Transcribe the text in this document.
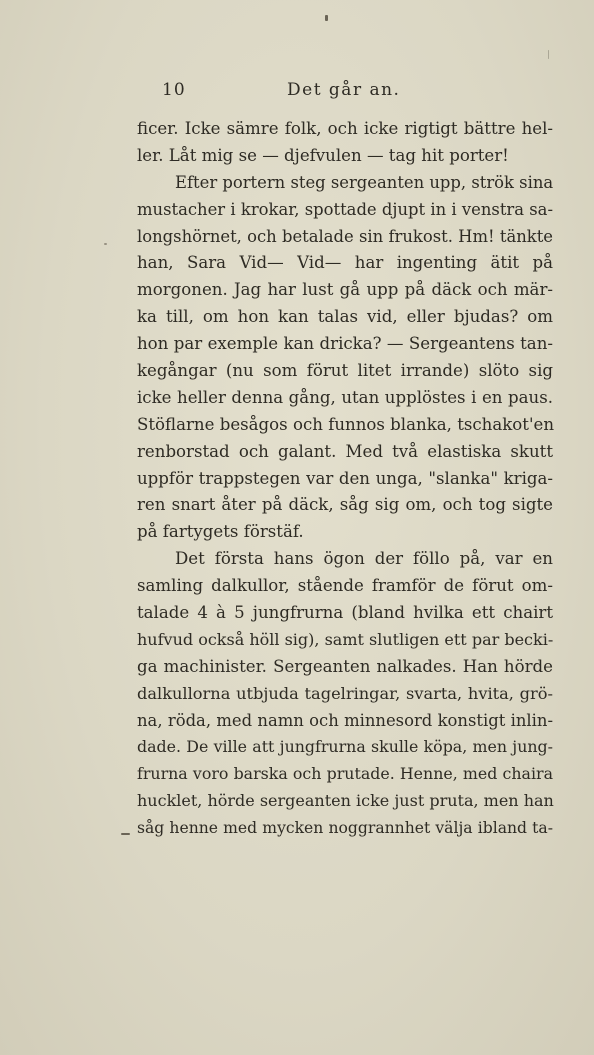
10	Det går an.
ficer. Icke sämre folk, och icke rigtigt bättre hel-
ler. Låt mig se — djefvulen — tag hit porter!
Efter portern steg sergeanten upp, strök sina
mustacher i krokar, spottade djupt in i venstra sa-
longshörnet, och betalade sin frukost. Hm! tänkte
han, Sara Vid— Vid— har ingenting ätit på
morgonen. Jag har lust gå upp på däck och mär-
ka till, om hon kan talas vid, eller bjudas? om
hon par exemple kan dricka? — Sergeantens tan-
kegångar (nu som förut litet irrande) slöto sig
icke heller denna gång, utan upplöstes i en paus.
Stöflarne besågos och funnos blanka, tschakot'en
renborstad och galant. Med två elastiska skutt
uppför trappstegen var den unga, "slanka" kriga-
ren snart åter på däck, såg sig om, och tog sigte
på fartygets förstäf.
Det första hans ögon der föllo på, var en
samling dalkullor, stående framför de förut om-
talade 4 à 5 jungfrurna (bland hvilka ett chairt
hufvud också höll sig), samt slutligen ett par becki-
ga machinister. Sergeanten nalkades. Han hörde
dalkullorna utbjuda tagelringar, svarta, hvita, grö-
na, röda, med namn och minnesord konstigt inlin-
dade. De ville att jungfrurna skulle köpa, men jung-
frurna voro barska och prutade. Henne, med chaira
hucklet, hörde sergeanten icke just pruta, men han
såg henne med mycken noggrannhet välja ibland ta-
